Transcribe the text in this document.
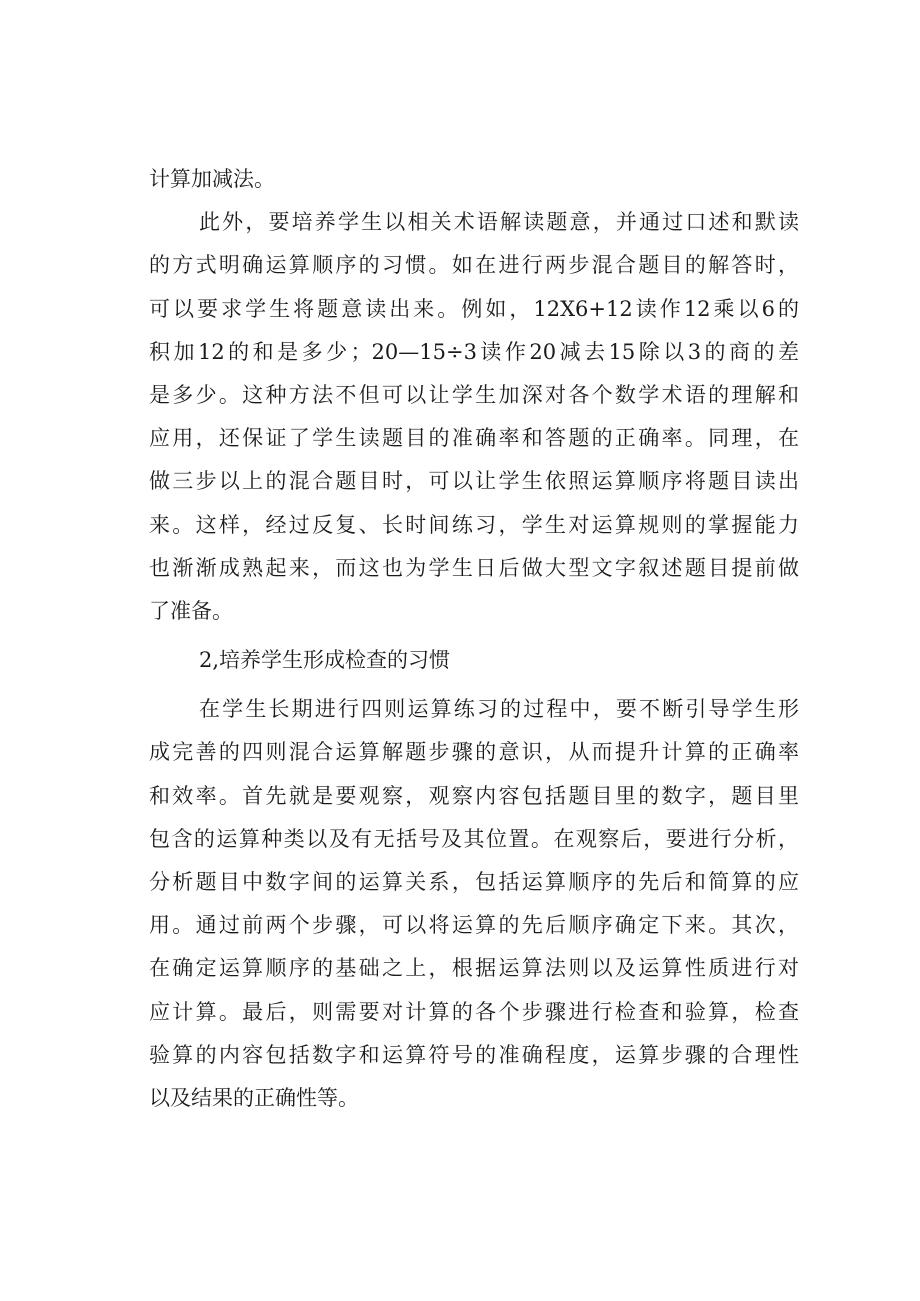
计算加减法。
此外，要培养学生以相关术语解读题意，并通过口述和默读
的方式明确运算顺序的习惯。如在进行两步混合题目的解答时，
可以要求学生将题意读出来。例如，12X6+12读作12乘以6的
积加12的和是多少；20—15÷3读作20减去15除以3的商的差
是多少。这种方法不但可以让学生加深对各个数学术语的理解和
应用，还保证了学生读题目的准确率和答题的正确率。同理，在
做三步以上的混合题目时，可以让学生依照运算顺序将题目读出
来。这样，经过反复、长时间练习，学生对运算规则的掌握能力
也渐渐成熟起来，而这也为学生日后做大型文字叙述题目提前做
了准备。
2,培养学生形成检查的习惯
在学生长期进行四则运算练习的过程中，要不断引导学生形
成完善的四则混合运算解题步骤的意识，从而提升计算的正确率
和效率。首先就是要观察，观察内容包括题目里的数字，题目里
包含的运算种类以及有无括号及其位置。在观察后，要进行分析，
分析题目中数字间的运算关系，包括运算顺序的先后和简算的应
用。通过前两个步骤，可以将运算的先后顺序确定下来。其次，
在确定运算顺序的基础之上，根据运算法则以及运算性质进行对
应计算。最后，则需要对计算的各个步骤进行检查和验算，检查
验算的内容包括数字和运算符号的准确程度，运算步骤的合理性
以及结果的正确性等。
